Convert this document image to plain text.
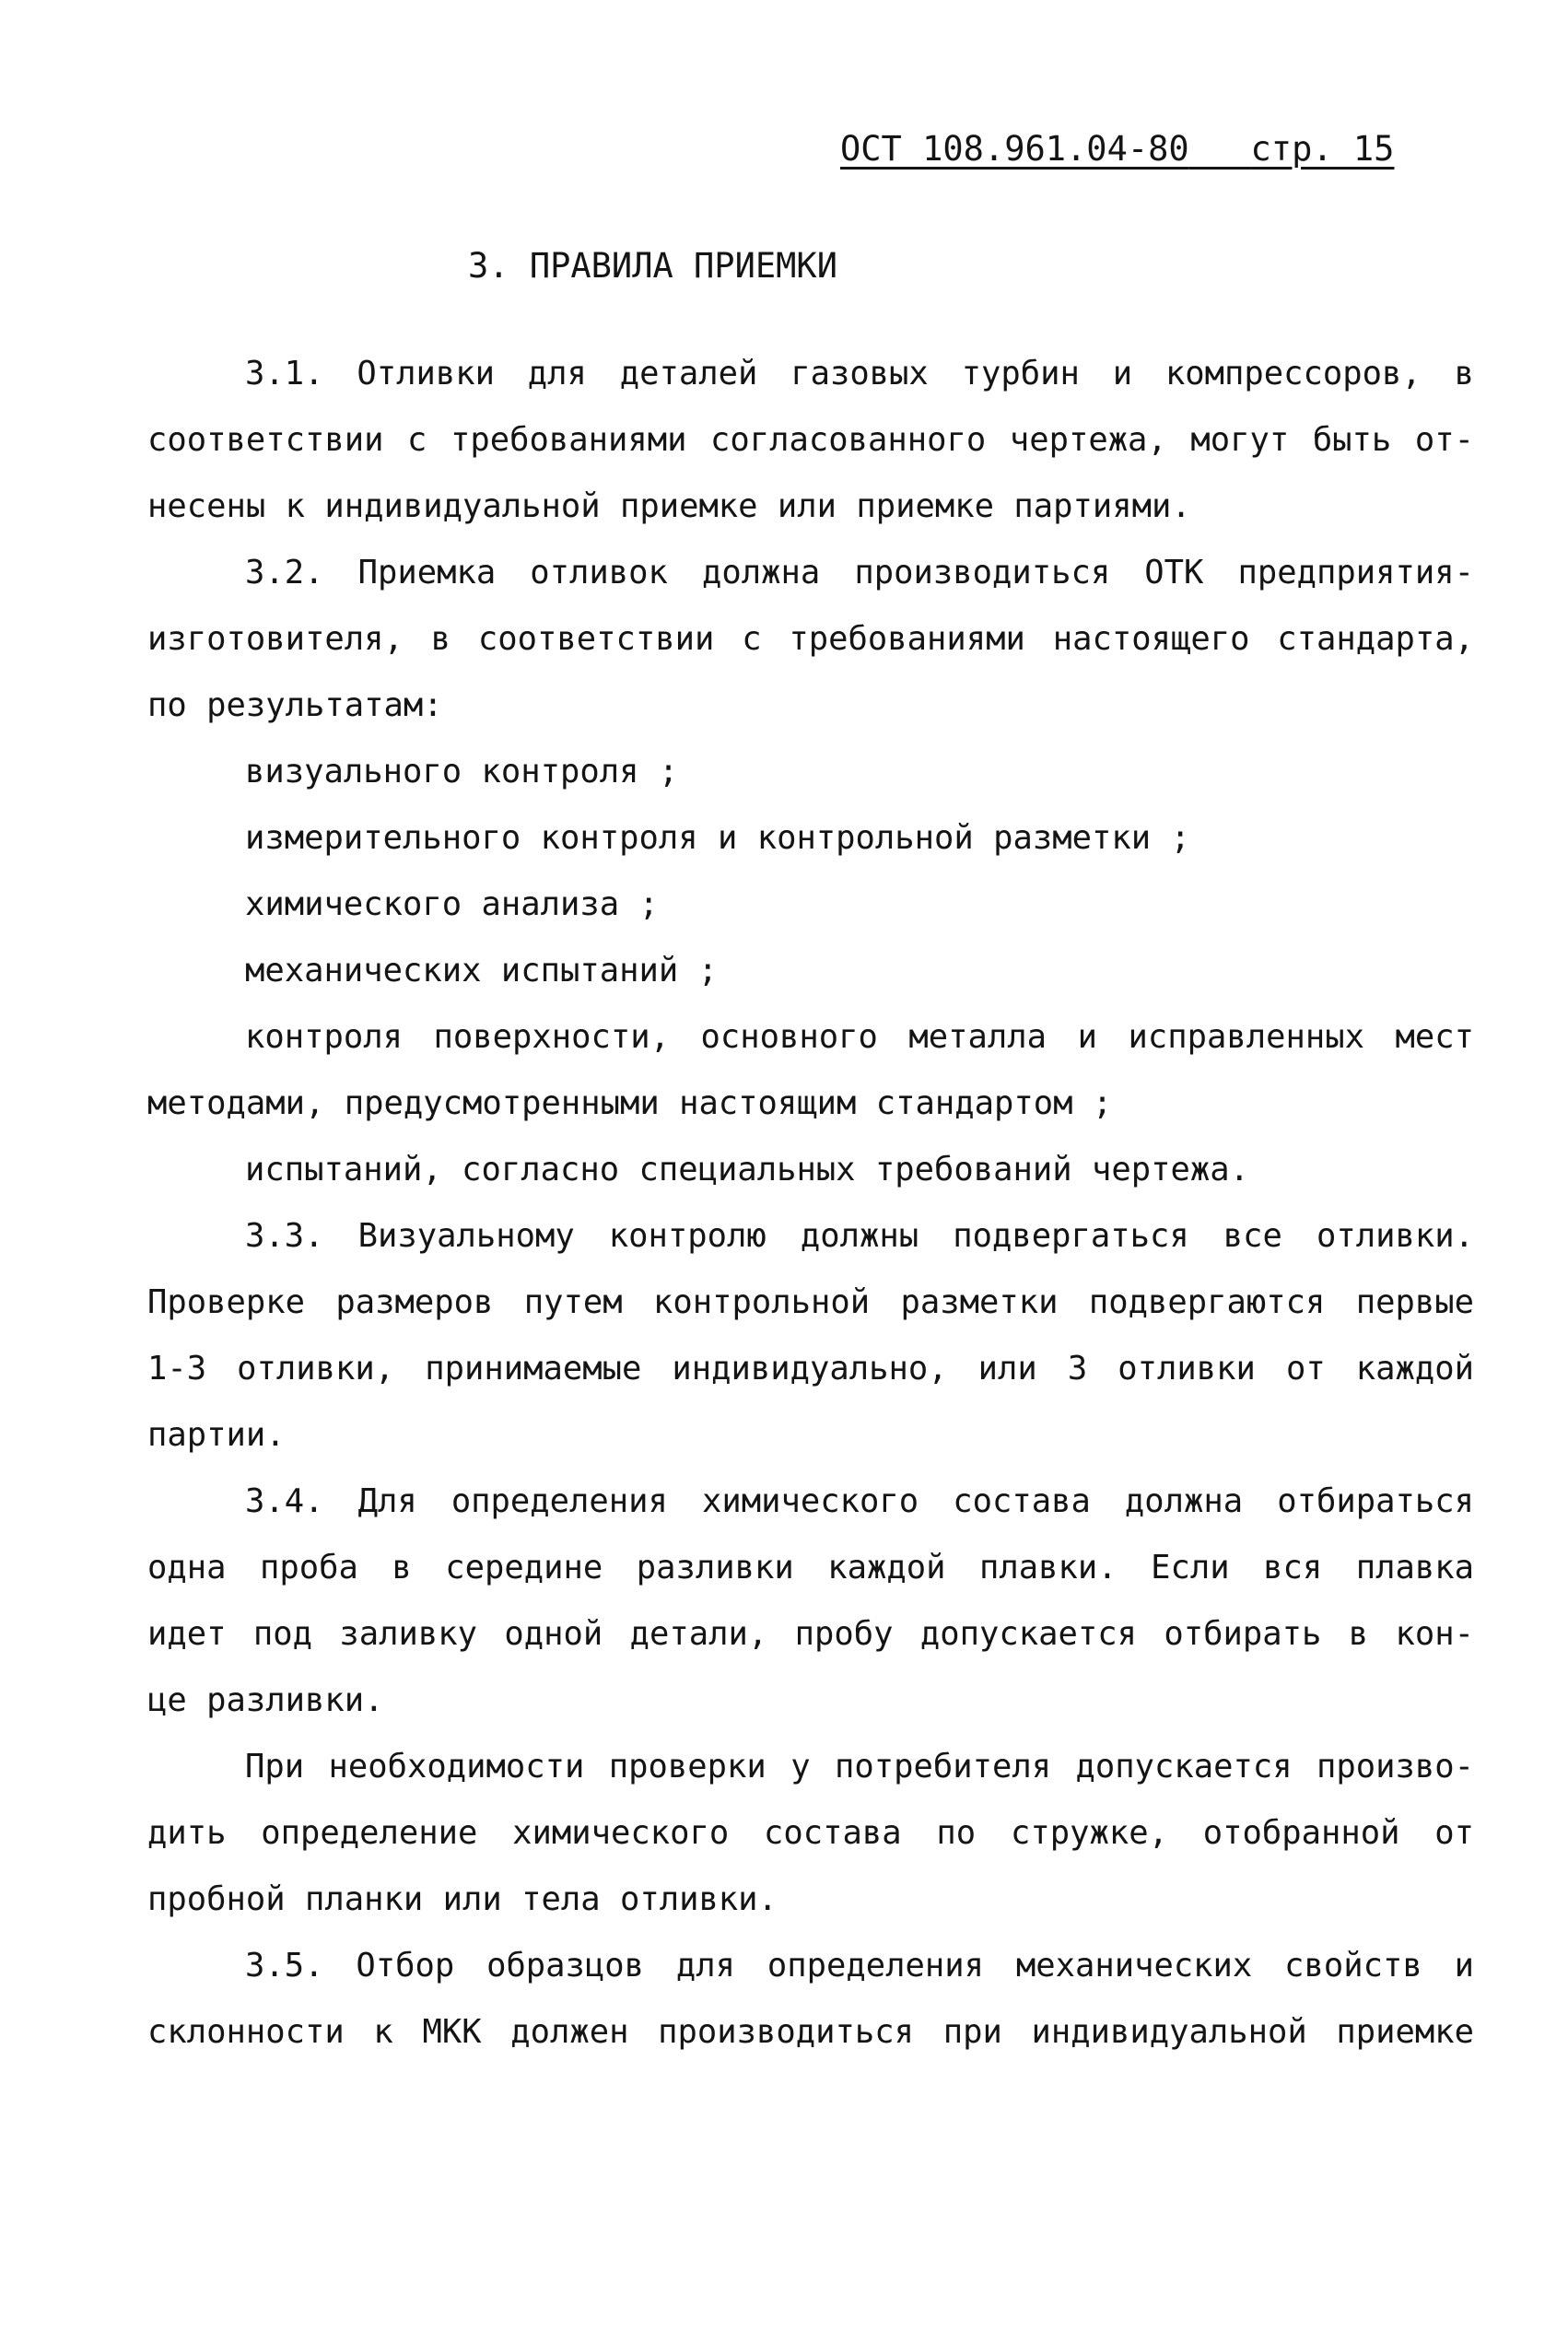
ОСТ 108.961.04-80 стр. 15
3. ПРАВИЛА ПРИЕМКИ
3.1. Отливки для деталей газовых турбин и компрессоров, в
соответствии с требованиями согласованного чертежа, могут быть от-
несены к индивидуальной приемке или приемке партиями.
3.2. Приемка отливок должна производиться ОТК предприятия-
изготовителя, в соответствии с требованиями настоящего стандарта,
по результатам:
визуального контроля ;
измерительного контроля и контрольной разметки ;
химического анализа ;
механических испытаний ;
контроля поверхности, основного металла и исправленных мест
методами, предусмотренными настоящим стандартом ;
испытаний, согласно специальных требований чертежа.
3.3. Визуальному контролю должны подвергаться все отливки.
Проверке размеров путем контрольной разметки подвергаются первые
1-3 отливки, принимаемые индивидуально, или 3 отливки от каждой
партии.
3.4. Для определения химического состава должна отбираться
одна проба в середине разливки каждой плавки. Если вся плавка
идет под заливку одной детали, пробу допускается отбирать в кон-
це разливки.
При необходимости проверки у потребителя допускается произво-
дить определение химического состава по стружке, отобранной от
пробной планки или тела отливки.
3.5. Отбор образцов для определения механических свойств и
склонности к МКК должен производиться при индивидуальной приемке
